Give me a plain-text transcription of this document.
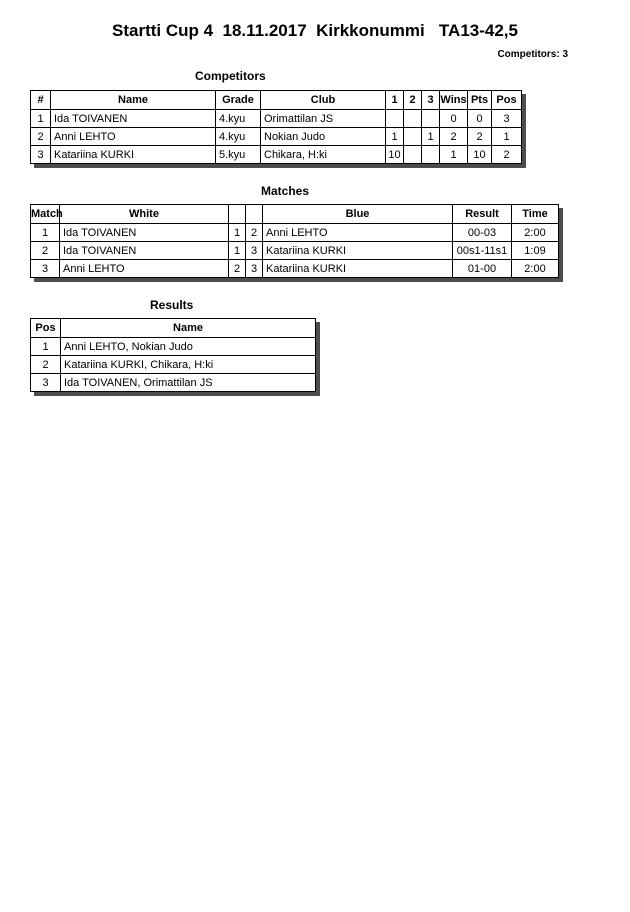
Startti Cup 4  18.11.2017  Kirkkonummi   TA13-42,5
Competitors: 3
Competitors
#	Name	Grade	Club	1	2	3	Wins	Pts	Pos
1	Ida TOIVANEN	4.kyu	Orimattilan JS				0	0	3
2	Anni LEHTO	4.kyu	Nokian Judo	1		1	2	2	1
3	Katariina KURKI	5.kyu	Chikara, H:ki	10			1	10	2
Matches
Match	White			Blue	Result	Time
1	Ida TOIVANEN	1	2	Anni LEHTO	00-03	2:00
2	Ida TOIVANEN	1	3	Katariina KURKI	00s1-11s1	1:09
3	Anni LEHTO	2	3	Katariina KURKI	01-00	2:00
Results
Pos	Name
1	Anni LEHTO, Nokian Judo
2	Katariina KURKI, Chikara, H:ki
3	Ida TOIVANEN, Orimattilan JS
